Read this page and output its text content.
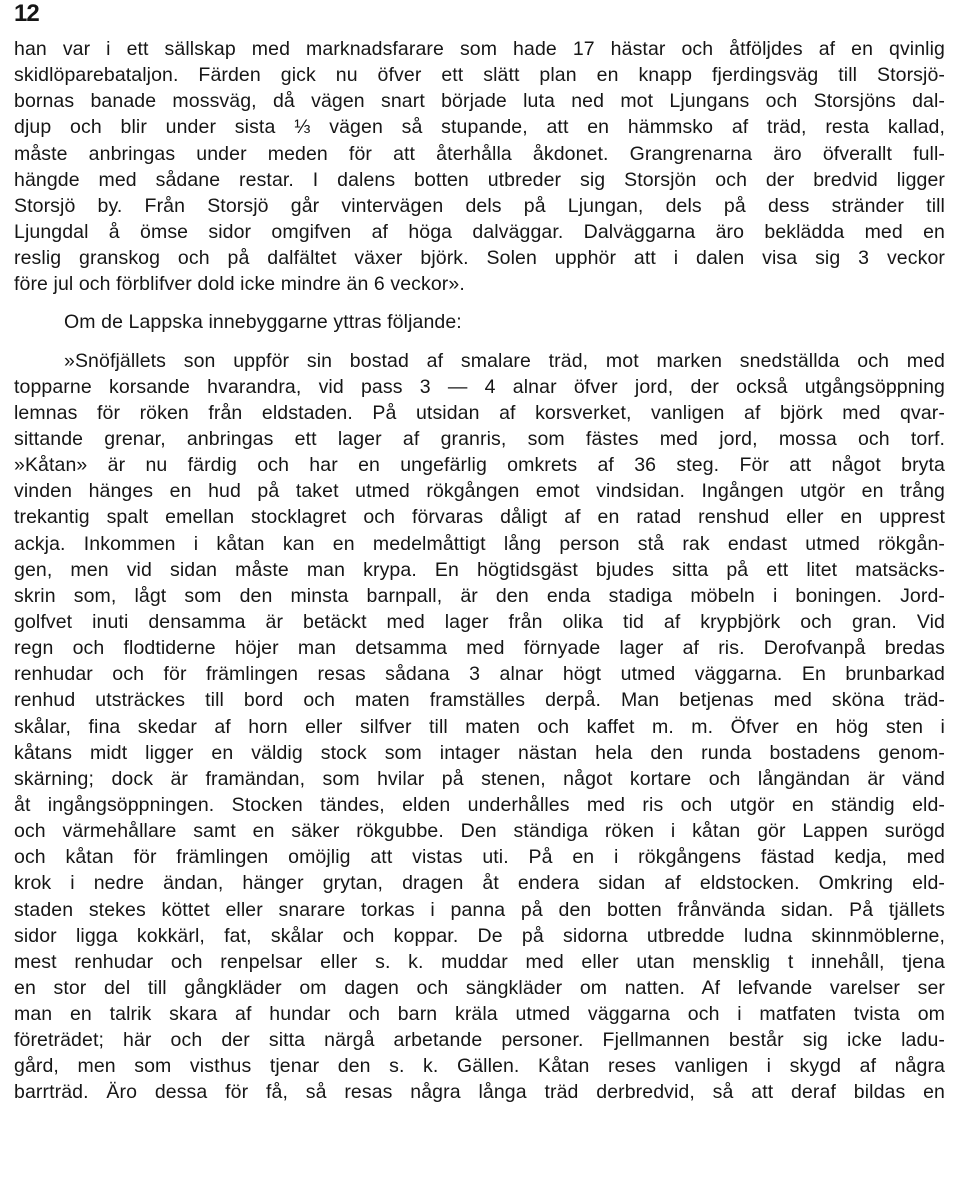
12
han var i ett sällskap med marknadsfarare som hade 17 hästar och åtföljdes af en qvinlig
skidlöparebataljon. Färden gick nu öfver ett slätt plan en knapp fjerdingsväg till Storsjö-
bornas banade mossväg, då vägen snart började luta ned mot Ljungans och Storsjöns dal-
djup och blir under sista ⅓ vägen så stupande, att en hämmsko af träd, resta kallad,
måste anbringas under meden för att återhålla åkdonet. Grangrenarna äro öfverallt full-
hängde med sådane restar. I dalens botten utbreder sig Storsjön och der bredvid ligger
Storsjö by. Från Storsjö går vintervägen dels på Ljungan, dels på dess stränder till
Ljungdal å ömse sidor omgifven af höga dalväggar. Dalväggarna äro beklädda med en
reslig granskog och på dalfältet växer björk. Solen upphör att i dalen visa sig 3 veckor
före jul och förblifver dold icke mindre än 6 veckor».
Om de Lappska innebyggarne yttras följande:
»Snöfjällets son uppför sin bostad af smalare träd, mot marken snedställda och med
topparne korsande hvarandra, vid pass 3 — 4 alnar öfver jord, der också utgångsöppning
lemnas för röken från eldstaden. På utsidan af korsverket, vanligen af björk med qvar-
sittande grenar, anbringas ett lager af granris, som fästes med jord, mossa och torf.
»Kåtan» är nu färdig och har en ungefärlig omkrets af 36 steg. För att något bryta
vinden hänges en hud på taket utmed rökgången emot vindsidan. Ingången utgör en trång
trekantig spalt emellan stocklagret och förvaras dåligt af en ratad renshud eller en upprest
ackja. Inkommen i kåtan kan en medelmåttigt lång person stå rak endast utmed rökgån-
gen, men vid sidan måste man krypa. En högtidsgäst bjudes sitta på ett litet matsäcks-
skrin som, lågt som den minsta barnpall, är den enda stadiga möbeln i boningen. Jord-
golfvet inuti densamma är betäckt med lager från olika tid af krypbjörk och gran. Vid
regn och flodtiderne höjer man detsamma med förnyade lager af ris. Derofvanpå bredas
renhudar och för främlingen resas sådana 3 alnar högt utmed väggarna. En brunbarkad
renhud utsträckes till bord och maten framställes derpå. Man betjenas med sköna träd-
skålar, fina skedar af horn eller silfver till maten och kaffet m. m. Öfver en hög sten i
kåtans midt ligger en väldig stock som intager nästan hela den runda bostadens genom-
skärning; dock är framändan, som hvilar på stenen, något kortare och långändan är vänd
åt ingångsöppningen. Stocken tändes, elden underhålles med ris och utgör en ständig eld-
och värmehållare samt en säker rökgubbe. Den ständiga röken i kåtan gör Lappen surögd
och kåtan för främlingen omöjlig att vistas uti. På en i rökgångens fästad kedja, med
krok i nedre ändan, hänger grytan, dragen åt endera sidan af eldstocken. Omkring eld-
staden stekes köttet eller snarare torkas i panna på den botten frånvända sidan. På tjällets
sidor ligga kokkärl, fat, skålar och koppar. De på sidorna utbredde ludna skinnmöblerne,
mest renhudar och renpelsar eller s. k. muddar med eller utan mensklig t innehåll, tjena
en stor del till gångkläder om dagen och sängkläder om natten. Af lefvande varelser ser
man en talrik skara af hundar och barn kräla utmed väggarna och i matfaten tvista om
företrädet; här och der sitta närgå arbetande personer. Fjellmannen består sig icke ladu-
gård, men som visthus tjenar den s. k. Gällen. Kåtan reses vanligen i skygd af några
barrträd. Äro dessa för få, så resas några långa träd derbredvid, så att deraf bildas en
